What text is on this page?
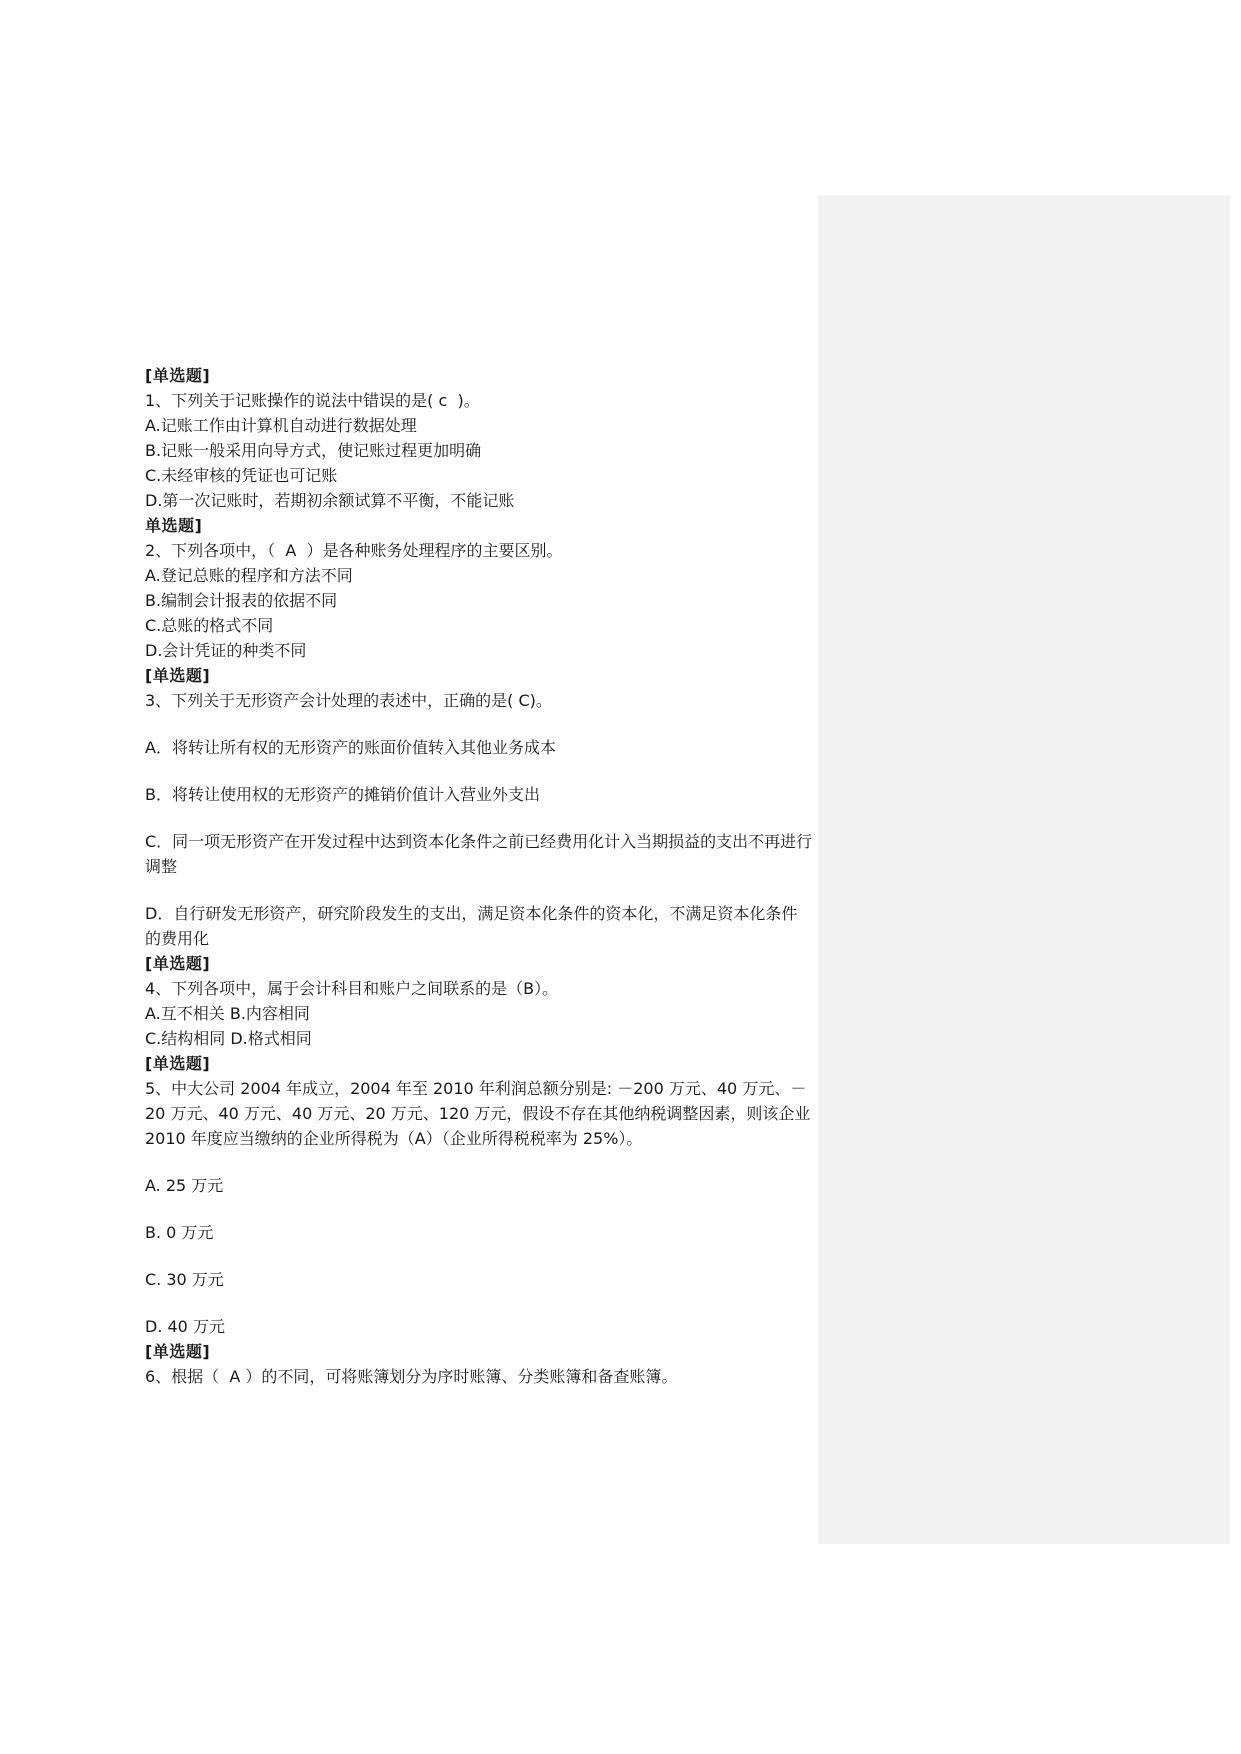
[单选题]

1、下列关于记账操作的说法中错误的是( c  )。

A.记账工作由计算机自动进行数据处理

B.记账一般采用向导方式，使记账过程更加明确

C.未经审核的凭证也可记账

D.第一次记账时，若期初余额试算不平衡，不能记账

单选题]

2、下列各项中，（  A  ）是各种账务处理程序的主要区别。

A.登记总账的程序和方法不同

B.编制会计报表的依据不同

C.总账的格式不同

D.会计凭证的种类不同

[单选题]

3、下列关于无形资产会计处理的表述中，正确的是( C)。

A．将转让所有权的无形资产的账面价值转入其他业务成本

B．将转让使用权的无形资产的摊销价值计入营业外支出

C．同一项无形资产在开发过程中达到资本化条件之前已经费用化计入当期损益的支出不再进行调整

D．自行研发无形资产，研究阶段发生的支出，满足资本化条件的资本化，不满足资本化条件的费用化

[单选题]

4、下列各项中，属于会计科目和账户之间联系的是（B）。

A.互不相关 B.内容相同

C.结构相同 D.格式相同

[单选题]

5、中大公司 2004 年成立，2004 年至 2010 年利润总额分别是: －200 万元、40 万元、－20 万元、40 万元、40 万元、20 万元、120 万元，假设不存在其他纳税调整因素，则该企业 2010 年度应当缴纳的企业所得税为（A）（企业所得税税率为 25%）。

A. 25 万元

B. 0 万元

C. 30 万元

D. 40 万元

[单选题]

6、根据（  A ）的不同，可将账簿划分为序时账簿、分类账簿和备查账簿。
